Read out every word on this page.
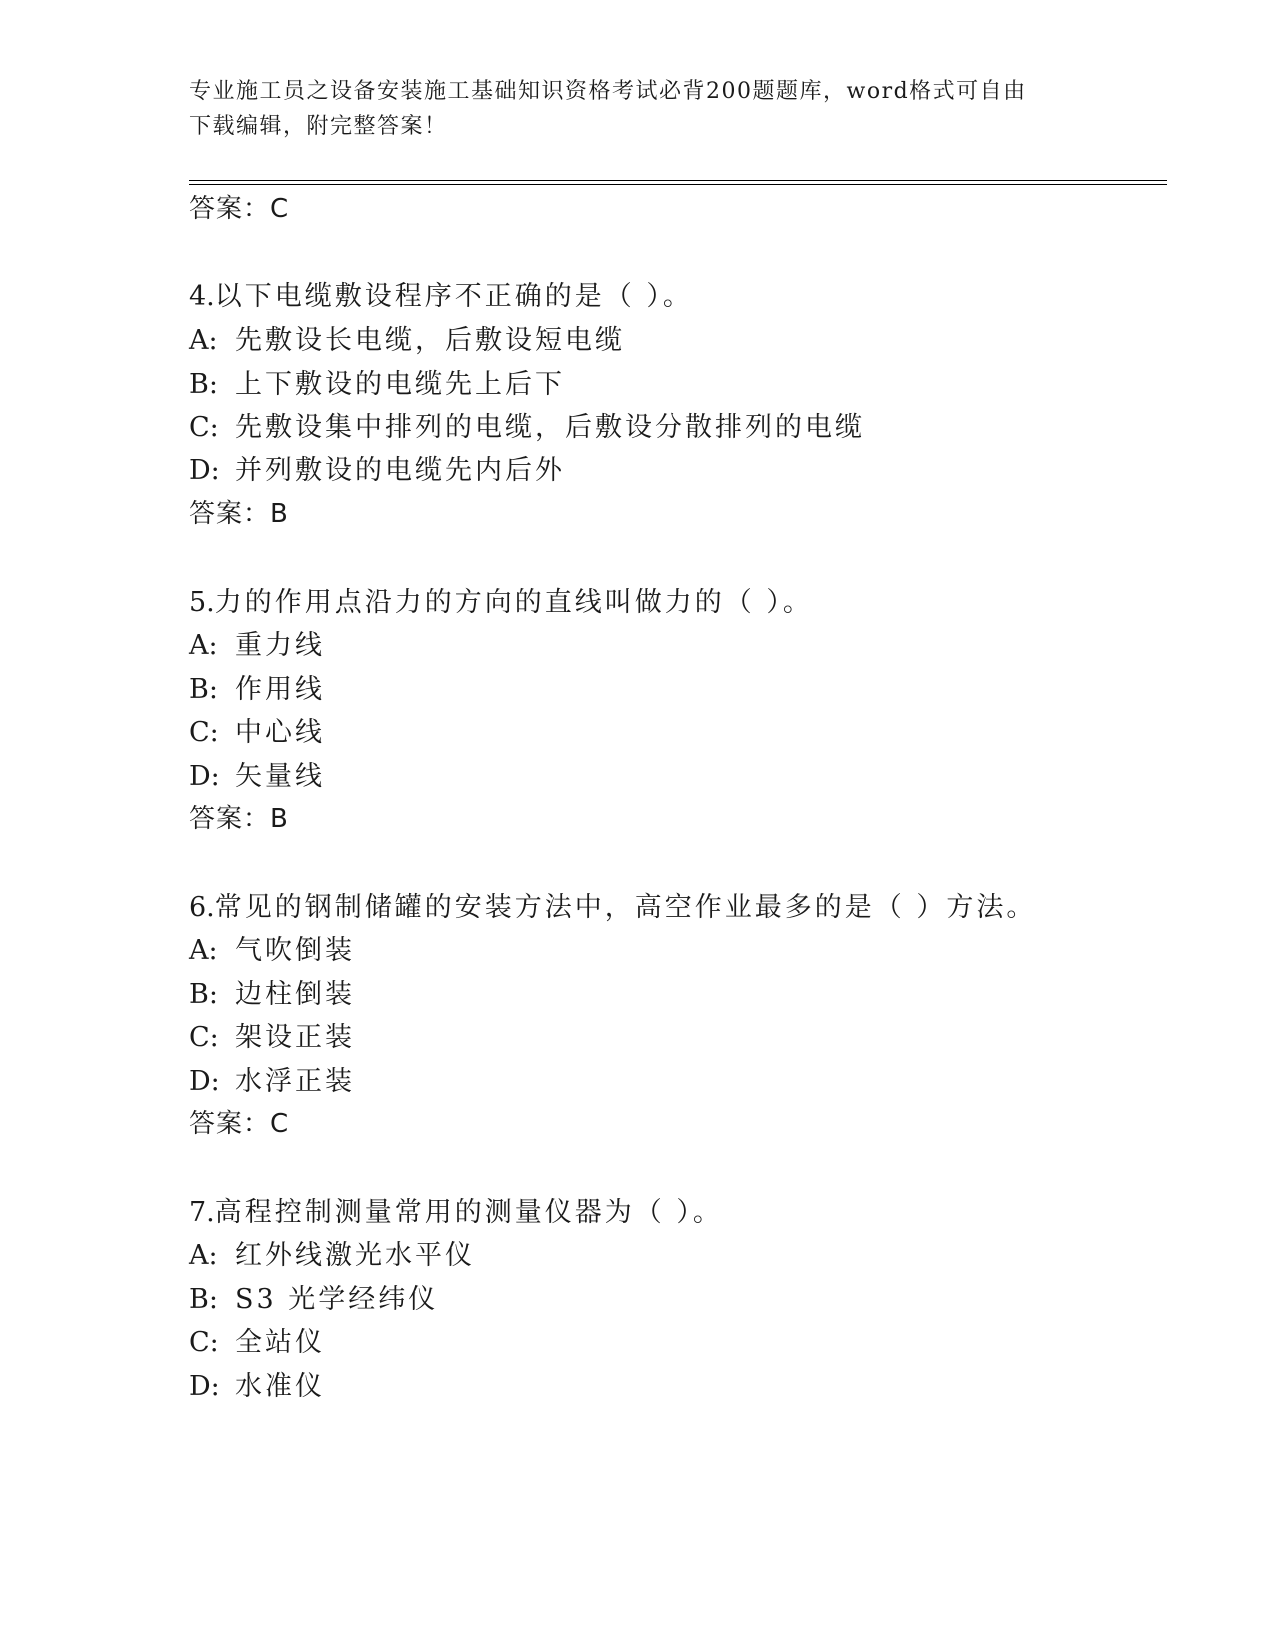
专业施工员之设备安装施工基础知识资格考试必背200题题库，word格式可自由
下载编辑，附完整答案！
答案：C
4.以下电缆敷设程序不正确的是（ ）。
A: 先敷设长电缆，后敷设短电缆
B: 上下敷设的电缆先上后下
C: 先敷设集中排列的电缆，后敷设分散排列的电缆
D: 并列敷设的电缆先内后外
答案：B
5.力的作用点沿力的方向的直线叫做力的（ ）。
A: 重力线
B: 作用线
C: 中心线
D: 矢量线
答案：B
6.常见的钢制储罐的安装方法中，高空作业最多的是（ ）方法。
A: 气吹倒装
B: 边柱倒装
C: 架设正装
D: 水浮正装
答案：C
7.高程控制测量常用的测量仪器为（ ）。
A: 红外线激光水平仪
B: S3 光学经纬仪
C: 全站仪
D: 水准仪
